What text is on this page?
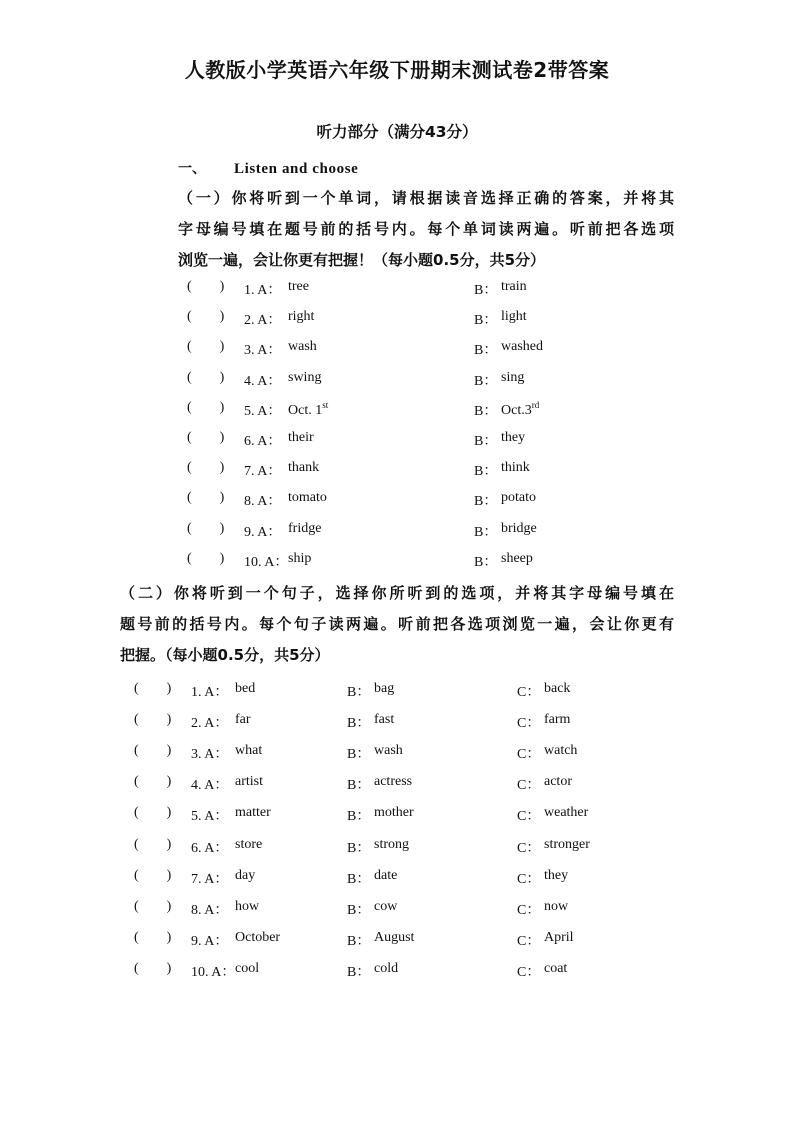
人教版小学英语六年级下册期末测试卷2带答案
听力部分（满分43分）
一、 Listen and choose
（一）你将听到一个单词，请根据读音选择正确的答案，并将其
字母编号填在题号前的括号内。每个单词读两遍。听前把各选项
浏览一遍，会让你更有把握！（每小题0.5分，共5分）
(        ) 1. A： tree	B： train
(        ) 2. A： right	B： light
(        ) 3. A： wash	B： washed
(        ) 4. A： swing	B： sing
(        ) 5. A： Oct. 1st	B： Oct.3rd
(        ) 6. A： their	B： they
(        ) 7. A： thank	B： think
(        ) 8. A： tomato	B： potato
(        ) 9. A： fridge	B： bridge
(        ) 10. A： ship	B： sheep
（二）你将听到一个句子，选择你所听到的选项，并将其字母编号填在
题号前的括号内。每个句子读两遍。听前把各选项浏览一遍，会让你更有
把握。（每小题0.5分，共5分）
(        ) 1. A： bed	B： bag	C： back
(        ) 2. A： far	B： fast	C： farm
(        ) 3. A： what	B： wash	C： watch
(        ) 4. A： artist	B： actress	C： actor
(        ) 5. A： matter	B： mother	C： weather
(        ) 6. A： store	B： strong	C： stronger
(        ) 7. A： day	B： date	C： they
(        ) 8. A： how	B： cow	C： now
(        ) 9. A： October	B： August	C： April
(        ) 10. A： cool	B： cold	C： coat
